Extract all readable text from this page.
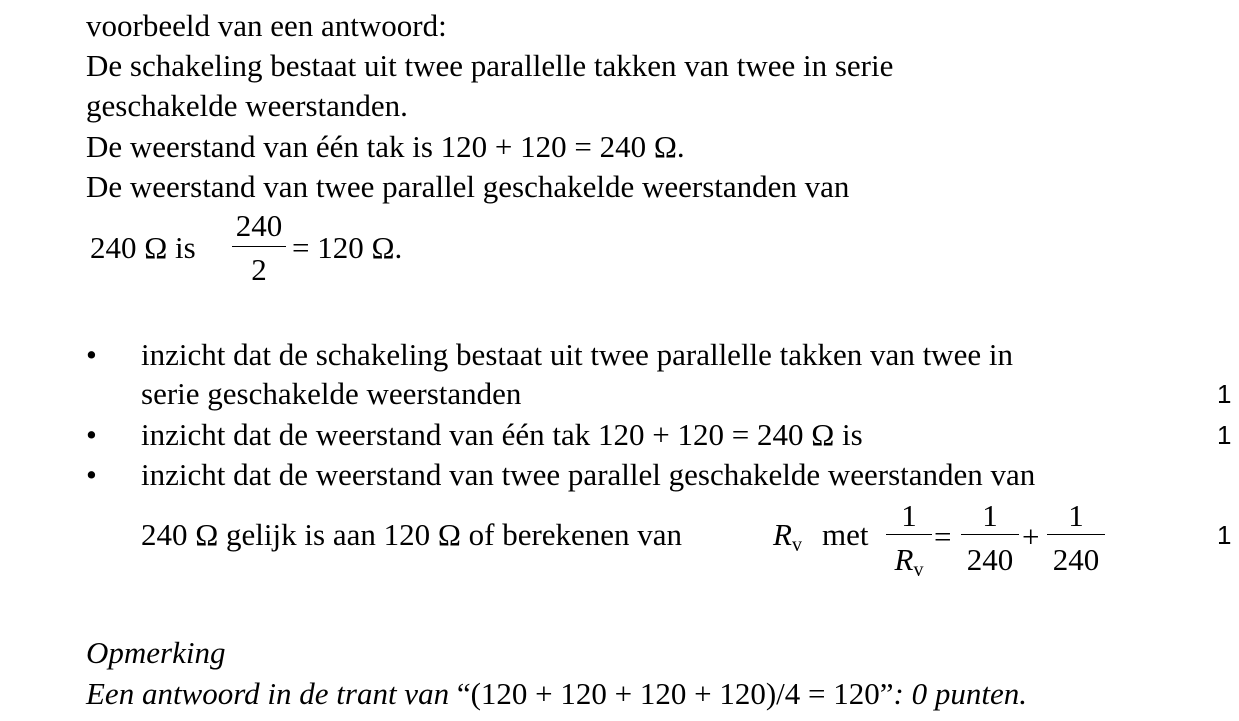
voorbeeld van een antwoord:
De schakeling bestaat uit twee parallelle takken van twee in serie
geschakelde weerstanden.
De weerstand van één tak is 120 + 120 = 240 Ω.
De weerstand van twee parallel geschakelde weerstanden van
240 Ω is
240
2
= 120 Ω.
• inzicht dat de schakeling bestaat uit twee parallelle takken van twee in
serie geschakelde weerstanden	1
• inzicht dat de weerstand van één tak 120 + 120 = 240 Ω is	1
• inzicht dat de weerstand van twee parallel geschakelde weerstanden van
240 Ω gelijk is aan 120 Ω of berekenen van	$R_v$ met
1
$R_v$
=
1
240
+
1
240
1
Opmerking
Een antwoord in de trant van “(120 + 120 + 120 + 120)/4 = 120”: 0 punten.
